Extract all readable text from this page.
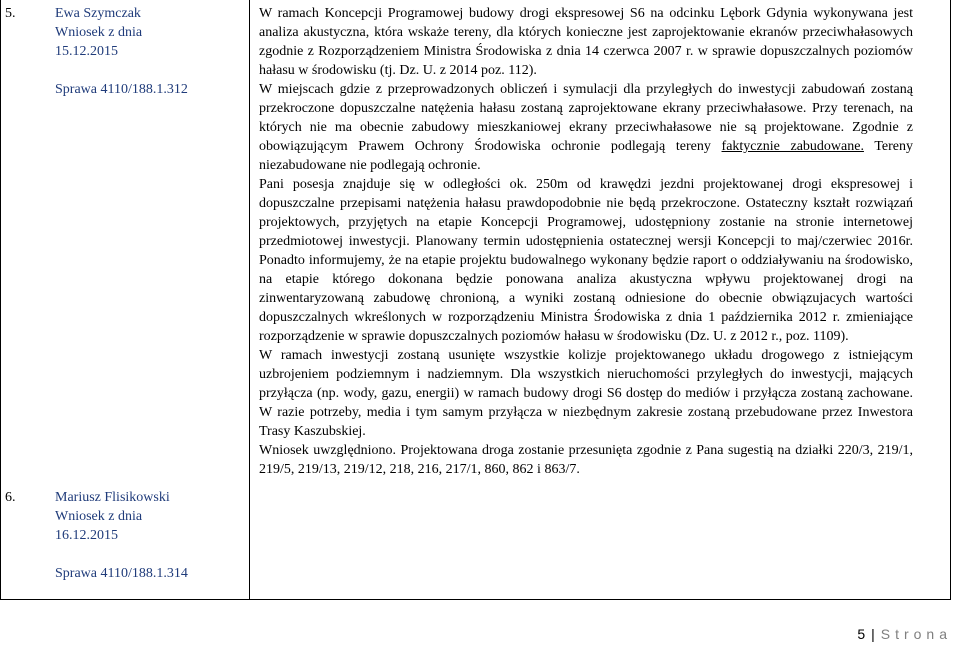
5.	Ewa Szymczak
Wniosek z dnia
15.12.2015
Sprawa 4110/188.1.312
6.	Mariusz Flisikowski
Wniosek z dnia
16.12.2015
Sprawa 4110/188.1.314

W ramach Koncepcji Programowej budowy drogi ekspresowej S6 na odcinku Lębork Gdynia wykonywana jest analiza akustyczna, która wskaże tereny, dla których konieczne jest zaprojektowanie ekranów przeciwhałasowych zgodnie z Rozporządzeniem Ministra Środowiska z dnia 14 czerwca 2007 r. w sprawie dopuszczalnych poziomów hałasu w środowisku (tj. Dz. U. z 2014 poz. 112).

W miejscach gdzie z przeprowadzonych obliczeń i symulacji dla przyległych do inwestycji zabudowań zostaną przekroczone dopuszczalne natężenia hałasu zostaną zaprojektowane ekrany przeciwhałasowe. Przy terenach, na których nie ma obecnie zabudowy mieszkaniowej ekrany przeciwhałasowe nie są projektowane. Zgodnie z obowiązującym Prawem Ochrony Środowiska ochronie podlegają tereny faktycznie zabudowane. Tereny niezabudowane nie podlegają ochronie.

Pani posesja znajduje się w odległości ok. 250m od krawędzi jezdni projektowanej drogi ekspresowej i dopuszczalne przepisami natężenia hałasu prawdopodobnie nie będą przekroczone. Ostateczny kształt rozwiązań projektowych, przyjętych na etapie Koncepcji Programowej, udostępniony zostanie na stronie internetowej przedmiotowej inwestycji. Planowany termin udostępnienia ostatecznej wersji Koncepcji to maj/czerwiec 2016r. Ponadto informujemy, że na etapie projektu budowalnego wykonany będzie raport o oddziaływaniu na środowisko, na etapie którego dokonana będzie ponowana analiza akustyczna wpływu projektowanej drogi na zinwentaryzowaną zabudowę chronioną, a wyniki zostaną odniesione do obecnie obwiązujacych wartości dopuszczalnych wkreślonych w rozporządzeniu Ministra Środowiska z dnia 1 października 2012 r. zmieniające rozporządzenie w sprawie dopuszczalnych poziomów hałasu w środowisku (Dz. U. z 2012 r., poz. 1109).

W ramach inwestycji zostaną usunięte wszystkie kolizje projektowanego układu drogowego z istniejącym uzbrojeniem podziemnym i nadziemnym. Dla wszystkich nieruchomości przyległych do inwestycji, mających przyłącza (np. wody, gazu, energii) w ramach budowy drogi S6 dostęp do mediów i przyłącza zostaną zachowane. W razie potrzeby, media i tym samym przyłącza w niezbędnym zakresie zostaną przebudowane przez Inwestora Trasy Kaszubskiej.

Wniosek uwzględniono. Projektowana droga zostanie przesunięta zgodnie z Pana sugestią na działki 220/3, 219/1, 219/5, 219/13, 219/12, 218, 216, 217/1, 860, 862 i 863/7.

5 | Strona
